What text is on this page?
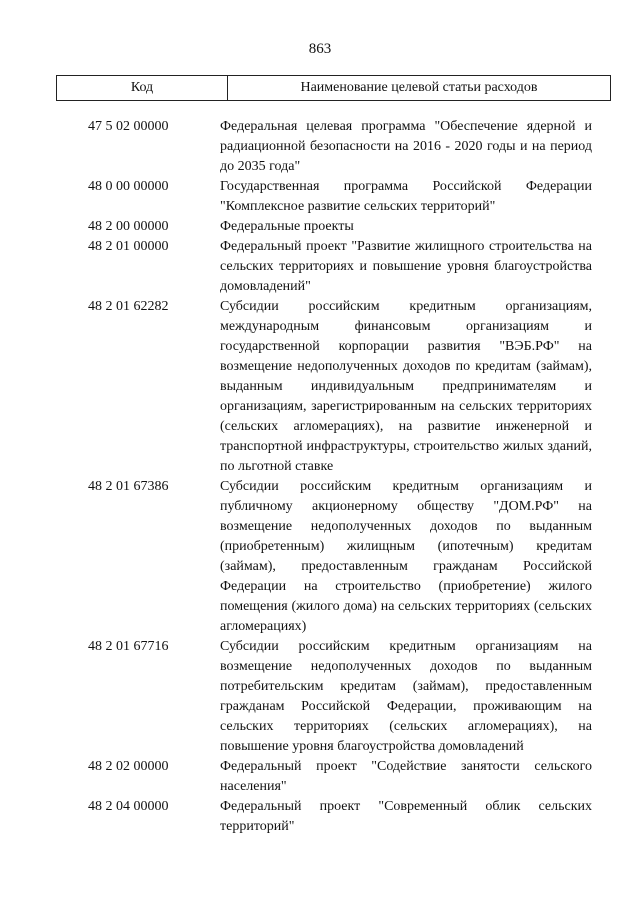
863
Код	Наименование целевой статьи расходов
47 5 02 00000	Федеральная целевая программа "Обеспечение ядерной и радиационной безопасности на 2016 - 2020 годы и на период до 2035 года"
48 0 00 00000	Государственная программа Российской Федерации "Комплексное развитие сельских территорий"
48 2 00 00000	Федеральные проекты
48 2 01 00000	Федеральный проект "Развитие жилищного строительства на сельских территориях и повышение уровня благоустройства домовладений"
48 2 01 62282	Субсидии российским кредитным организациям, международным финансовым организациям и государственной корпорации развития "ВЭБ.РФ" на возмещение недополученных доходов по кредитам (займам), выданным индивидуальным предпринимателям и организациям, зарегистрированным на сельских территориях (сельских агломерациях), на развитие инженерной и транспортной инфраструктуры, строительство жилых зданий, по льготной ставке
48 2 01 67386	Субсидии российским кредитным организациям и публичному акционерному обществу "ДОМ.РФ" на возмещение недополученных доходов по выданным (приобретенным) жилищным (ипотечным) кредитам (займам), предоставленным гражданам Российской Федерации на строительство (приобретение) жилого помещения (жилого дома) на сельских территориях (сельских агломерациях)
48 2 01 67716	Субсидии российским кредитным организациям на возмещение недополученных доходов по выданным потребительским кредитам (займам), предоставленным гражданам Российской Федерации, проживающим на сельских территориях (сельских агломерациях), на повышение уровня благоустройства домовладений
48 2 02 00000	Федеральный проект "Содействие занятости сельского населения"
48 2 04 00000	Федеральный проект "Современный облик сельских территорий"
